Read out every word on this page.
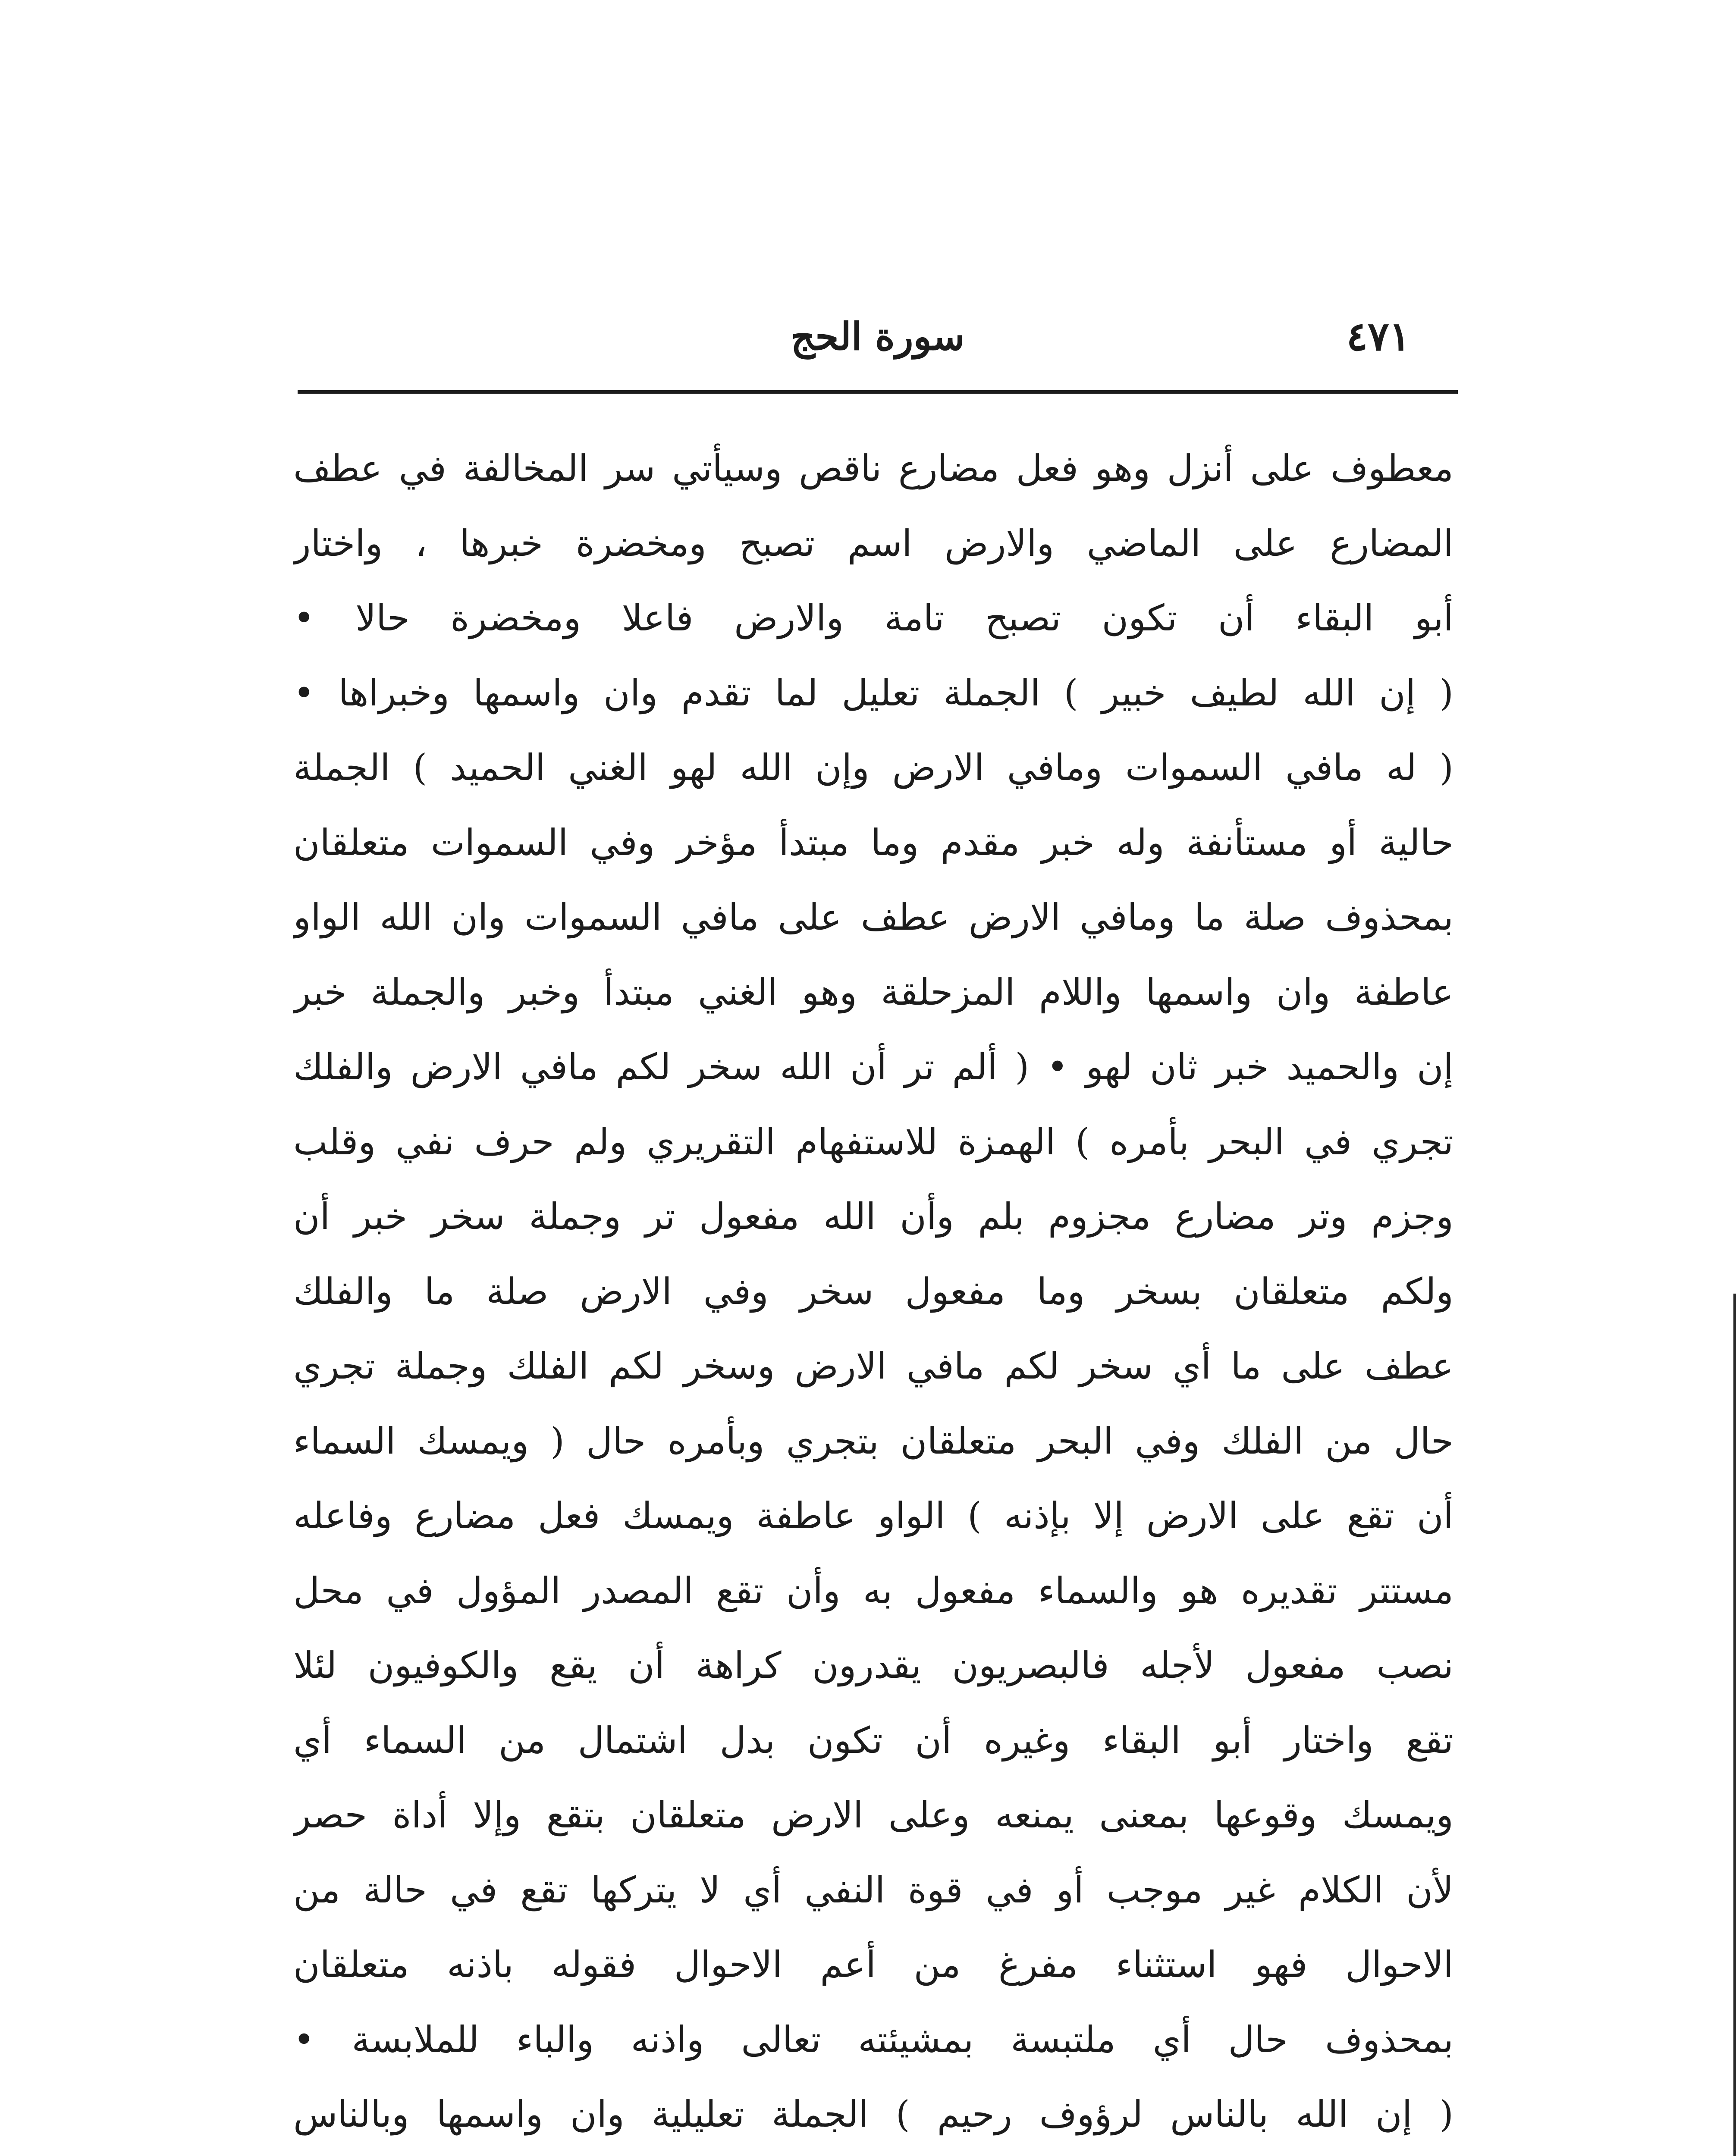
سورة الحج	٤٧١
معطوف على أنزل وهو فعل مضارع ناقص وسيأتي سر المخالفة في عطف
المضارع على الماضي والارض اسم تصبح ومخضرة خبرها ، واختار
أبو البقاء أن تكون تصبح تامة والارض فاعلا ومخضرة حالا •
( إن الله لطيف خبير ) الجملة تعليل لما تقدم وان واسمها وخبراها •
( له مافي السموات ومافي الارض وإن الله لهو الغني الحميد ) الجملة
حالية أو مستأنفة وله خبر مقدم وما مبتدأ مؤخر وفي السموات متعلقان
بمحذوف صلة ما ومافي الارض عطف على مافي السموات وان الله الواو
عاطفة وان واسمها واللام المزحلقة وهو الغني مبتدأ وخبر والجملة خبر
إن والحميد خبر ثان لهو • ( ألم تر أن الله سخر لكم مافي الارض والفلك
تجري في البحر بأمره ) الهمزة للاستفهام التقريري ولم حرف نفي وقلب
وجزم وتر مضارع مجزوم بلم وأن الله مفعول تر وجملة سخر خبر أن
ولكم متعلقان بسخر وما مفعول سخر وفي الارض صلة ما والفلك
عطف على ما أي سخر لكم مافي الارض وسخر لكم الفلك وجملة تجري
حال من الفلك وفي البحر متعلقان بتجري وبأمره حال ( ويمسك السماء
أن تقع على الارض إلا بإذنه ) الواو عاطفة ويمسك فعل مضارع وفاعله
مستتر تقديره هو والسماء مفعول به وأن تقع المصدر المؤول في محل
نصب مفعول لأجله فالبصريون يقدرون كراهة أن يقع والكوفيون لئلا
تقع واختار أبو البقاء وغيره أن تكون بدل اشتمال من السماء أي
ويمسك وقوعها بمعنى يمنعه وعلى الارض متعلقان بتقع وإلا أداة حصر
لأن الكلام غير موجب أو في قوة النفي أي لا يتركها تقع في حالة من
الاحوال فهو استثناء مفرغ من أعم الاحوال فقوله باذنه متعلقان
بمحذوف حال أي ملتبسة بمشيئته تعالى واذنه والباء للملابسة •
( إن الله بالناس لرؤوف رحيم ) الجملة تعليلية وان واسمها وبالناس
